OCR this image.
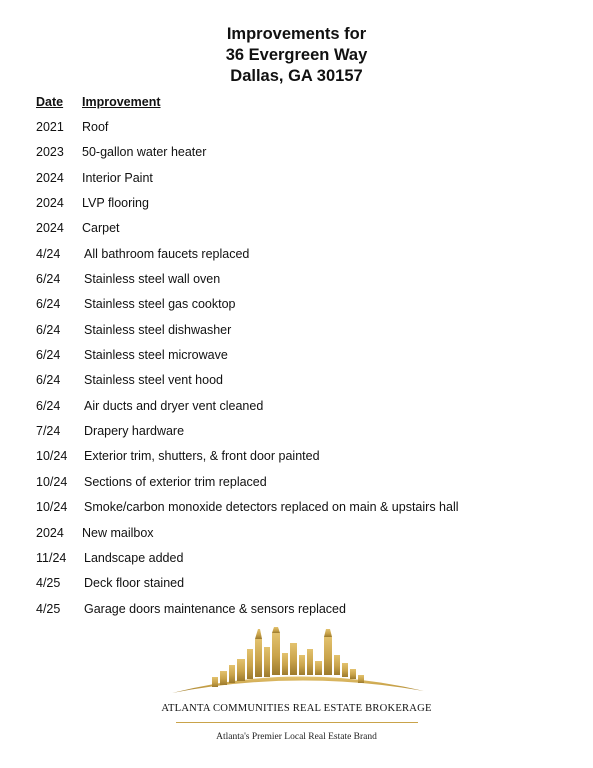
Improvements for
36 Evergreen Way
Dallas, GA 30157
Date Improvement
2021 Roof
2023 50-gallon water heater
2024 Interior Paint
2024 LVP flooring
2024 Carpet
4/24 All bathroom faucets replaced
6/24 Stainless steel wall oven
6/24 Stainless steel gas cooktop
6/24 Stainless steel dishwasher
6/24 Stainless steel microwave
6/24 Stainless steel vent hood
6/24 Air ducts and dryer vent cleaned
7/24 Drapery hardware
10/24 Exterior trim, shutters, & front door painted
10/24 Sections of exterior trim replaced
10/24 Smoke/carbon monoxide detectors replaced on main & upstairs hall
2024 New mailbox
11/24 Landscape added
4/25 Deck floor stained
4/25 Garage doors maintenance & sensors replaced
ATLANTA COMMUNITIES REAL ESTATE BROKERAGE
Atlanta's Premier Local Real Estate Brand
